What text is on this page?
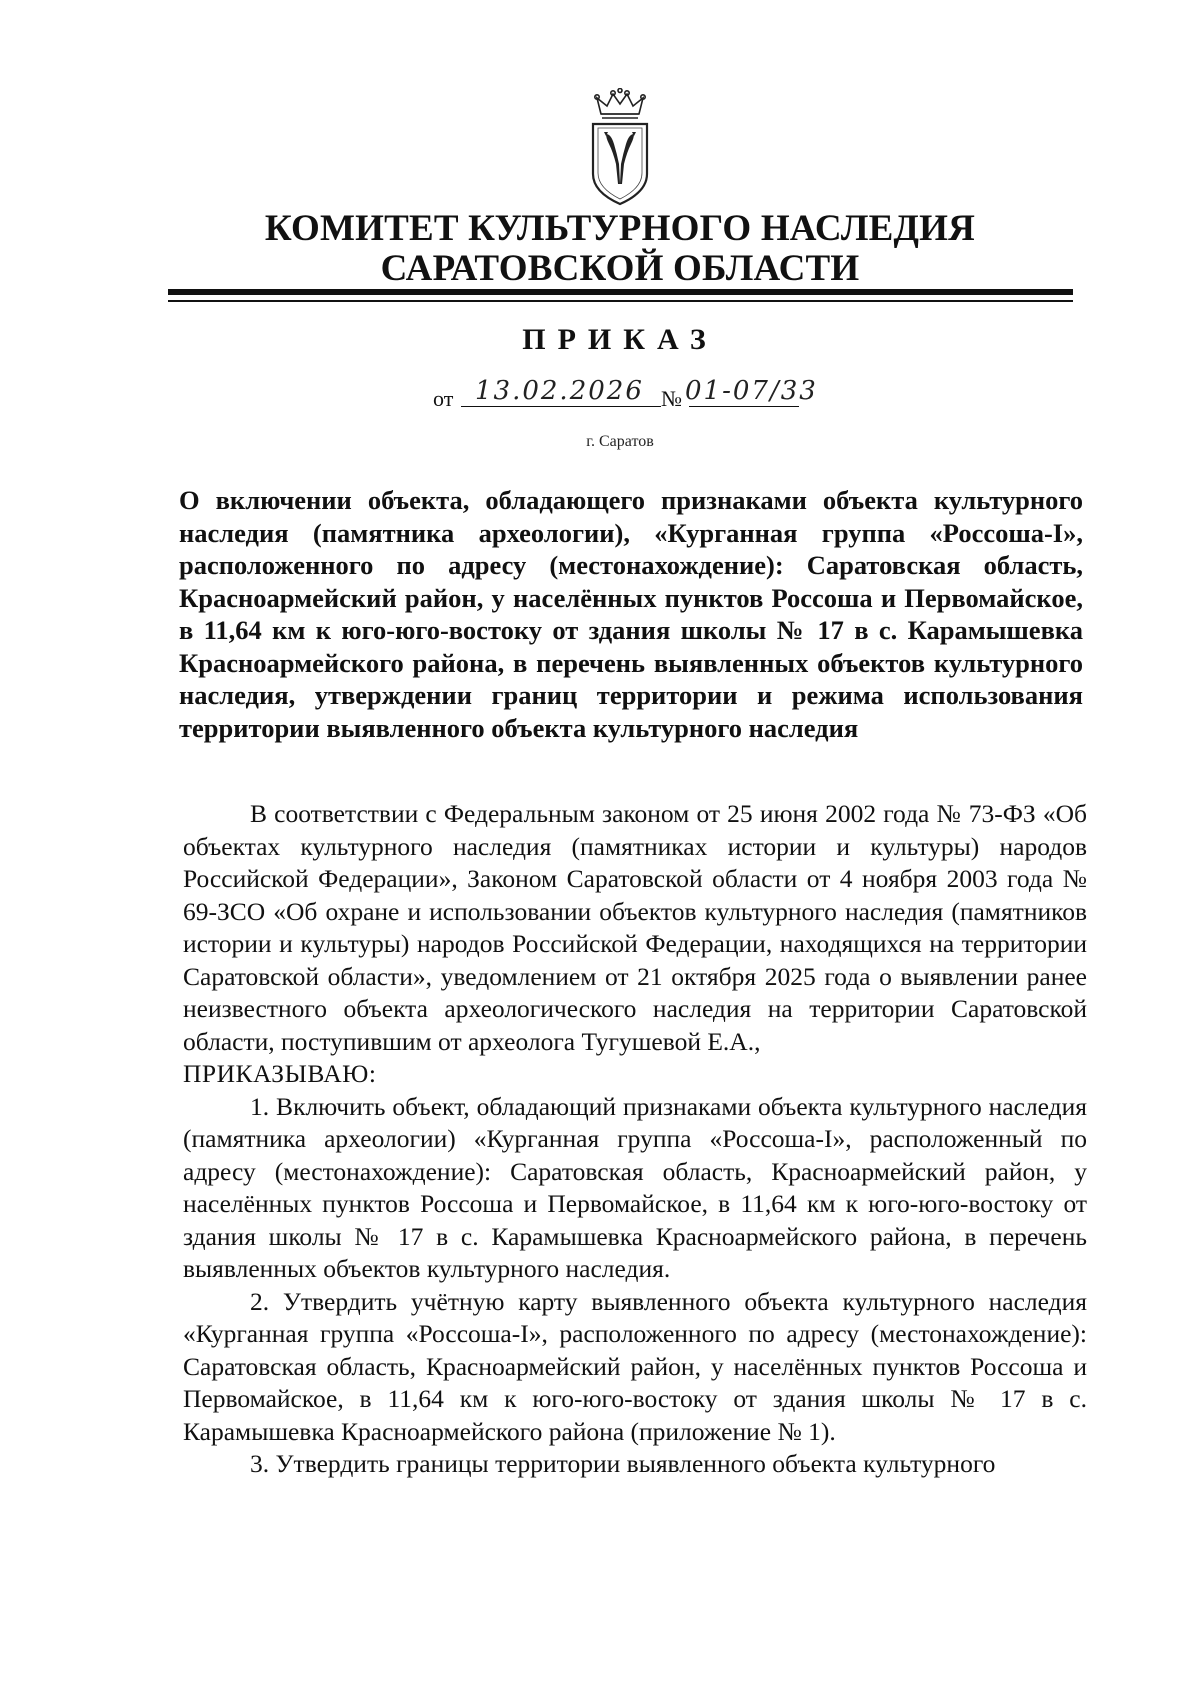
КОМИТЕТ КУЛЬТУРНОГО НАСЛЕДИЯ
САРАТОВСКОЙ ОБЛАСТИ
ПРИКАЗ
от 13.02.2026 № 01-07/33
г. Саратов
О включении объекта, обладающего признаками объекта культурного наследия (памятника археологии), «Курганная группа «Россоша-I», расположенного по адресу (местонахождение): Саратовская область, Красноармейский район, у населённых пунктов Россоша и Первомайское, в 11,64 км к юго-юго-востоку от здания школы № 17 в с. Карамышевка Красноармейского района, в перечень выявленных объектов культурного наследия, утверждении границ территории и режима использования территории выявленного объекта культурного наследия

В соответствии с Федеральным законом от 25 июня 2002 года № 73-ФЗ «Об объектах культурного наследия (памятниках истории и культуры) народов Российской Федерации», Законом Саратовской области от 4 ноября 2003 года № 69-ЗСО «Об охране и использовании объектов культурного наследия (памятников истории и культуры) народов Российской Федерации, находящихся на территории Саратовской области», уведомлением от 21 октября 2025 года о выявлении ранее неизвестного объекта археологического наследия на территории Саратовской области, поступившим от археолога Тугушевой Е.А.,

ПРИКАЗЫВАЮ:

1. Включить объект, обладающий признаками объекта культурного наследия (памятника археологии) «Курганная группа «Россоша-I», расположенный по адресу (местонахождение): Саратовская область, Красноармейский район, у населённых пунктов Россоша и Первомайское, в 11,64 км к юго-юго-востоку от здания школы № 17 в с. Карамышевка Красноармейского района, в перечень выявленных объектов культурного наследия.

2. Утвердить учётную карту выявленного объекта культурного наследия «Курганная группа «Россоша-I», расположенного по адресу (местонахождение): Саратовская область, Красноармейский район, у населённых пунктов Россоша и Первомайское, в 11,64 км к юго-юго-востоку от здания школы № 17 в с. Карамышевка Красноармейского района (приложение № 1).

3. Утвердить границы территории выявленного объекта культурного
